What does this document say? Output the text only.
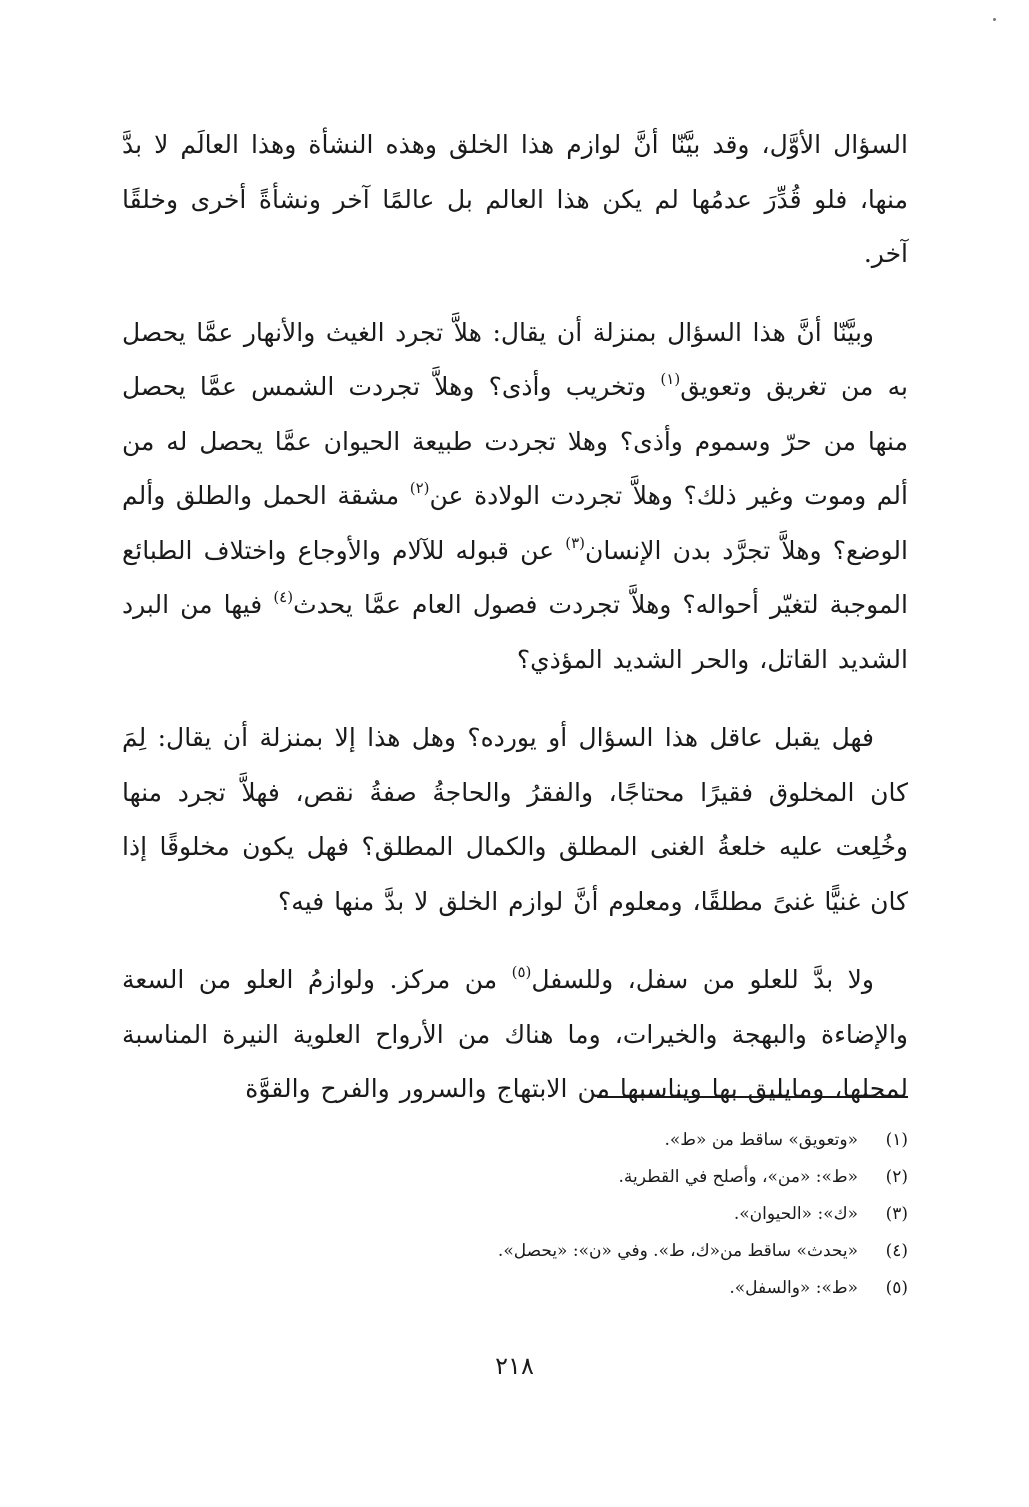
السؤال الأوَّل، وقد بيَّنّا أنَّ لوازم هذا الخلق وهذه النشأة وهذا العالَم لا بدَّ منها، فلو قُدِّرَ عدمُها لم يكن هذا العالم بل عالمًا آخر ونشأةً أخرى وخلقًا آخر.

وبيَّنّا أنَّ هذا السؤال بمنزلة أن يقال: هلاَّ تجرد الغيث والأنهار عمَّا يحصل به من تغريق وتعويق$^{(١)}$ وتخريب وأذى؟ وهلاَّ تجردت الشمس عمَّا يحصل منها من حرّ وسموم وأذى؟ وهلا تجردت طبيعة الحيوان عمَّا يحصل له من ألم وموت وغير ذلك؟ وهلاَّ تجردت الولادة عن$^{(٢)}$ مشقة الحمل والطلق وألم الوضع؟ وهلاَّ تجرَّد بدن الإنسان$^{(٣)}$ عن قبوله للآلام والأوجاع واختلاف الطبائع الموجبة لتغيّر أحواله؟ وهلاَّ تجردت فصول العام عمَّا يحدث$^{(٤)}$ فيها من البرد الشديد القاتل، والحر الشديد المؤذي؟

فهل يقبل عاقل هذا السؤال أو يورده؟ وهل هذا إلا بمنزلة أن يقال: لِمَ كان المخلوق فقيرًا محتاجًا، والفقرُ والحاجةُ صفةُ نقص، فهلاَّ تجرد منها وخُلِعت عليه خلعةُ الغنى المطلق والكمال المطلق؟ فهل يكون مخلوقًا إذا كان غنيًّا غنىً مطلقًا، ومعلوم أنَّ لوازم الخلق لا بدَّ منها فيه؟

ولا بدَّ للعلو من سفل، وللسفل$^{(٥)}$ من مركز. ولوازمُ العلو من السعة والإضاءة والبهجة والخيرات، وما هناك من الأرواح العلوية النيرة المناسبة لمحلها، ومايليق بها ويناسبها من الابتهاج والسرور والفرح والقوَّة

(١)«وتعويق» ساقط من «ط».
(٢)«ط»: «من»، وأصلح في القطرية.
(٣)«ك»: «الحيوان».
(٤)«يحدث» ساقط من«ك، ط». وفي «ن»: «يحصل».
(٥)«ط»: «والسفل».
٢١٨
